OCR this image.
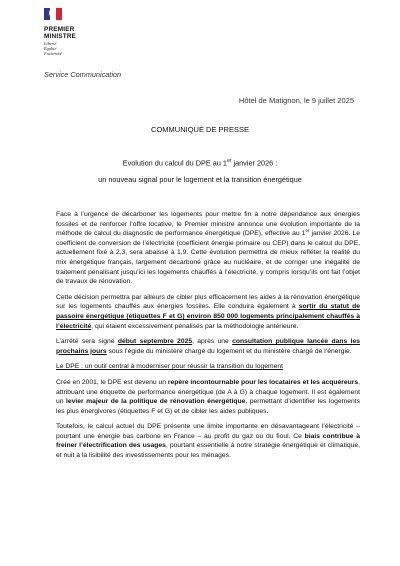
PREMIER
MINISTRE
Liberté
Égalité
Fraternité
Service Communication
Hôtel de Matignon, le 9 juillet 2025
COMMUNIQUÉ DE PRESSE
Evolution du calcul du DPE au 1er janvier 2026 :
un nouveau signal pour le logement et la transition énergétique

Face à l’urgence de décarboner les logements pour mettre fin à notre dépendance aux énergies fossiles et de renforcer l’offre locative, le Premier ministre annonce une évolution importante de la méthode de calcul du diagnostic de performance énergétique (DPE), effective au 1er janvier 2026. Le coefficient de conversion de l’électricité (coefficient énergie primaire ou CEP) dans le calcul du DPE, actuellement fixé à 2,3, sera abaissé à 1,9. Cette évolution permettra de mieux refléter la réalité du mix énergétique français, largement décarboné grâce au nucléaire, et de corriger une inégalité de traitement pénalisant jusqu’ici les logements chauffés à l’électricité, y compris lorsqu’ils ont fait l’objet de travaux de rénovation.

Cette décision permettra par ailleurs de cibler plus efficacement les aides à la rénovation énergétique sur les logements chauffés aux énergies fossiles. Elle conduira également à sortir du statut de passoire énergétique (étiquettes F et G) environ 850 000 logements principalement chauffés à l’électricité, qui étaient excessivement pénalisés par la méthodologie antérieure.

L’arrêté sera signé début septembre 2025, après une consultation publique lancée dans les prochains jours sous l’égide du ministère chargé du logement et du ministère chargé de l’énergie.

Le DPE : un outil central à moderniser pour réussir la transition du logement

Créé en 2001, le DPE est devenu un repère incontournable pour les locataires et les acquéreurs, attribuant une étiquette de performance énergétique (de A à G) à chaque logement. Il est également un levier majeur de la politique de rénovation énergétique, permettant d’identifier les logements les plus énergivores (étiquettes F et G) et de cibler les aides publiques.

Toutefois, le calcul actuel du DPE présente une limite importante en désavantageant l’électricité – pourtant une énergie bas carbone en France – au profit du gaz ou du fioul. Ce biais contribue à freiner l’électrification des usages, pourtant essentielle à notre stratégie énergétique et climatique, et nuit à la lisibilité des investissements pour les ménages.
